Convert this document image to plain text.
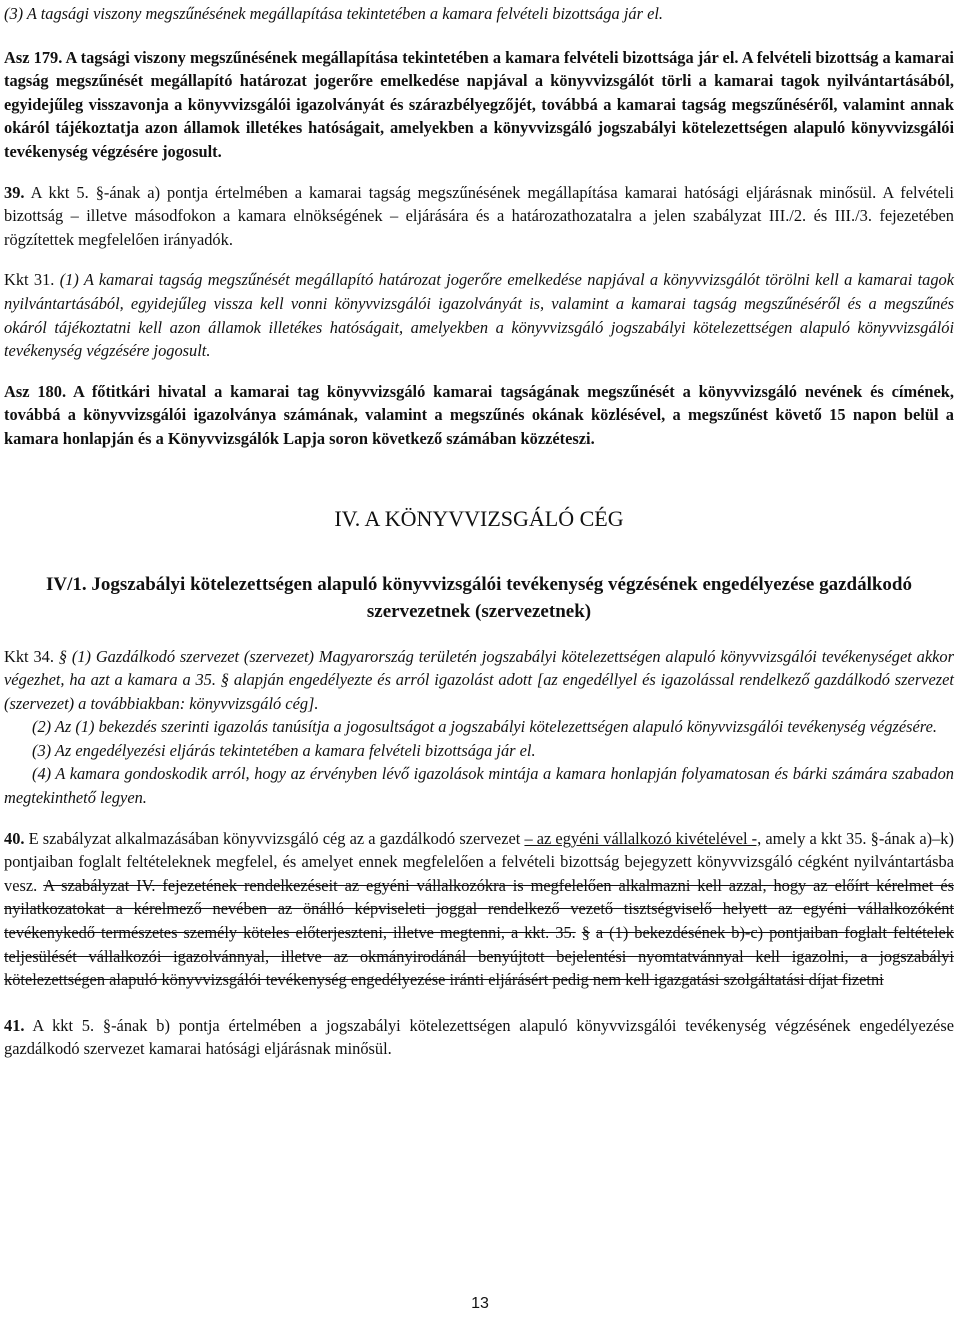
(3) A tagsági viszony megszűnésének megállapítása tekintetében a kamara felvételi bizottsága jár el.

Asz 179. A tagsági viszony megszűnésének megállapítása tekintetében a kamara felvételi bizottsága jár el. A felvételi bizottság a kamarai tagság megszűnését megállapító határozat jogerőre emelkedése napjával a könyvvizsgálót törli a kamarai tagok nyilvántartásából, egyidejűleg visszavonja a könyvvizsgálói igazolványát és szárazbélyegzőjét, továbbá a kamarai tagság megszűnéséről, valamint annak okáról tájékoztatja azon államok illetékes hatóságait, amelyekben a könyvvizsgáló jogszabályi kötelezettségen alapuló könyvvizsgálói tevékenység végzésére jogosult.

39. A kkt 5. §-ának a) pontja értelmében a kamarai tagság megszűnésének megállapítása kamarai hatósági eljárásnak minősül. A felvételi bizottság – illetve másodfokon a kamara elnökségének – eljárására és a határozathozatalra a jelen szabályzat III./2. és III./3. fejezetében rögzítettek megfelelően irányadók.

Kkt 31. (1) A kamarai tagság megszűnését megállapító határozat jogerőre emelkedése napjával a könyvvizsgálót törölni kell a kamarai tagok nyilvántartásából, egyidejűleg vissza kell vonni könyvvizsgálói igazolványát is, valamint a kamarai tagság megszűnéséről és a megszűnés okáról tájékoztatni kell azon államok illetékes hatóságait, amelyekben a könyvvizsgáló jogszabályi kötelezettségen alapuló könyvvizsgálói tevékenység végzésére jogosult.

Asz 180. A főtitkári hivatal a kamarai tag könyvvizsgáló kamarai tagságának megszűnését a könyvvizsgáló nevének és címének, továbbá a könyvvizsgálói igazolványa számának, valamint a megszűnés okának közlésével, a megszűnést követő 15 napon belül a kamara honlapján és a Könyvvizsgálók Lapja soron következő számában közzéteszi.

IV. A KÖNYVVIZSGÁLÓ CÉG
IV/1. Jogszabályi kötelezettségen alapuló könyvvizsgálói tevékenység végzésének engedélyezése gazdálkodó szervezetnek (szervezetnek)

Kkt 34. § (1) Gazdálkodó szervezet (szervezet) Magyarország területén jogszabályi kötelezettségen alapuló könyvvizsgálói tevékenységet akkor végezhet, ha azt a kamara a 35. § alapján engedélyezte és arról igazolást adott [az engedéllyel és igazolással rendelkező gazdálkodó szervezet (szervezet) a továbbiakban: könyvvizsgáló cég].

(2) Az (1) bekezdés szerinti igazolás tanúsítja a jogosultságot a jogszabályi kötelezettségen alapuló könyvvizsgálói tevékenység végzésére.

(3) Az engedélyezési eljárás tekintetében a kamara felvételi bizottsága jár el.

(4) A kamara gondoskodik arról, hogy az érvényben lévő igazolások mintája a kamara honlapján folyamatosan és bárki számára szabadon megtekinthető legyen.

40. E szabályzat alkalmazásában könyvvizsgáló cég az a gazdálkodó szervezet – az egyéni vállalkozó kivételével -, amely a kkt 35. §-ának a)–k) pontjaiban foglalt feltételeknek megfelel, és amelyet ennek megfelelően a felvételi bizottság bejegyzett könyvvizsgáló cégként nyilvántartásba vesz. A szabályzat IV. fejezetének rendelkezéseit az egyéni vállalkozókra is megfelelően alkalmazni kell azzal, hogy az előírt kérelmet és nyilatkozatokat a kérelmező nevében az önálló képviseleti joggal rendelkező vezető tisztségviselő helyett az egyéni vállalkozóként tevékenykedő természetes személy köteles előterjeszteni, illetve megtenni, a kkt. 35. § a (1) bekezdésének b)-c) pontjaiban foglalt feltételek teljesülését vállalkozói igazolvánnyal, illetve az okmányirodánál benyújtott bejelentési nyomtatvánnyal kell igazolni, a jogszabályi kötelezettségen alapuló könyvvizsgálói tevékenység engedélyezése iránti eljárásért pedig nem kell igazgatási szolgáltatási díjat fizetni

41. A kkt 5. §-ának b) pontja értelmében a jogszabályi kötelezettségen alapuló könyvvizsgálói tevékenység végzésének engedélyezése gazdálkodó szervezet kamarai hatósági eljárásnak minősül.

13
